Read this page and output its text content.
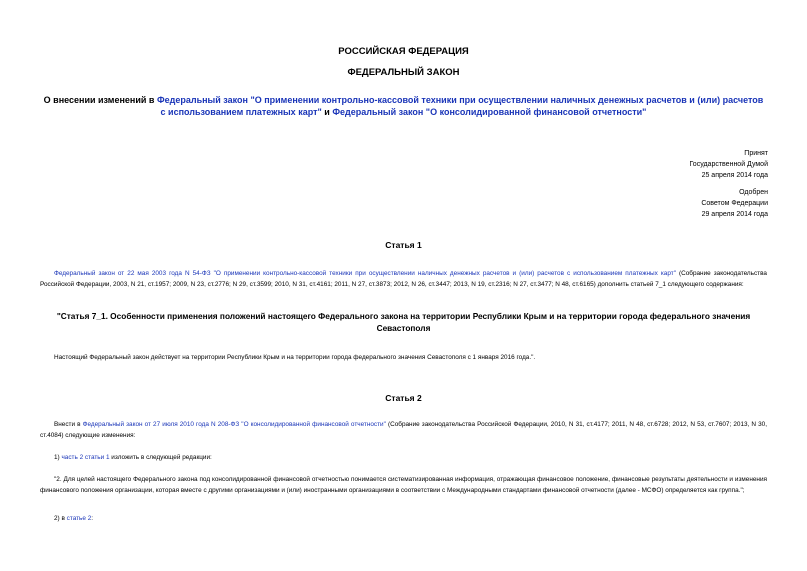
РОССИЙСКАЯ ФЕДЕРАЦИЯ
ФЕДЕРАЛЬНЫЙ ЗАКОН
О внесении изменений в Федеральный закон "О применении контрольно-кассовой техники при осуществлении наличных денежных расчетов и (или) расчетов с использованием платежных карт" и Федеральный закон "О консолидированной финансовой отчетности"
Принят
Государственной Думой
25 апреля 2014 года
Одобрен
Советом Федерации
29 апреля 2014 года
Статья 1
Федеральный закон от 22 мая 2003 года N 54-ФЗ "О применении контрольно-кассовой техники при осуществлении наличных денежных расчетов и (или) расчетов с использованием платежных карт" (Собрание законодательства Российской Федерации, 2003, N 21, ст.1957; 2009, N 23, ст.2776; N 29, ст.3599; 2010, N 31, ст.4161; 2011, N 27, ст.3873; 2012, N 26, ст.3447; 2013, N 19, ст.2316; N 27, ст.3477; N 48, ст.6165) дополнить статьей 7_1 следующего содержания:
"Статья 7_1. Особенности применения положений настоящего Федерального закона на территории Республики Крым и на территории города федерального значения Севастополя
Настоящий Федеральный закон действует на территории Республики Крым и на территории города федерального значения Севастополя с 1 января 2016 года.".
Статья 2
Внести в Федеральный закон от 27 июля 2010 года N 208-ФЗ "О консолидированной финансовой отчетности" (Собрание законодательства Российской Федерации, 2010, N 31, ст.4177; 2011, N 48, ст.6728; 2012, N 53, ст.7607; 2013, N 30, ст.4084) следующие изменения:
1) часть 2 статьи 1 изложить в следующей редакции:
"2. Для целей настоящего Федерального закона под консолидированной финансовой отчетностью понимается систематизированная информация, отражающая финансовое положение, финансовые результаты деятельности и изменения финансового положения организации, которая вместе с другими организациями и (или) иностранными организациями в соответствии с Международными стандартами финансовой отчетности (далее - МСФО) определяется как группа.";
2) в статье 2:
